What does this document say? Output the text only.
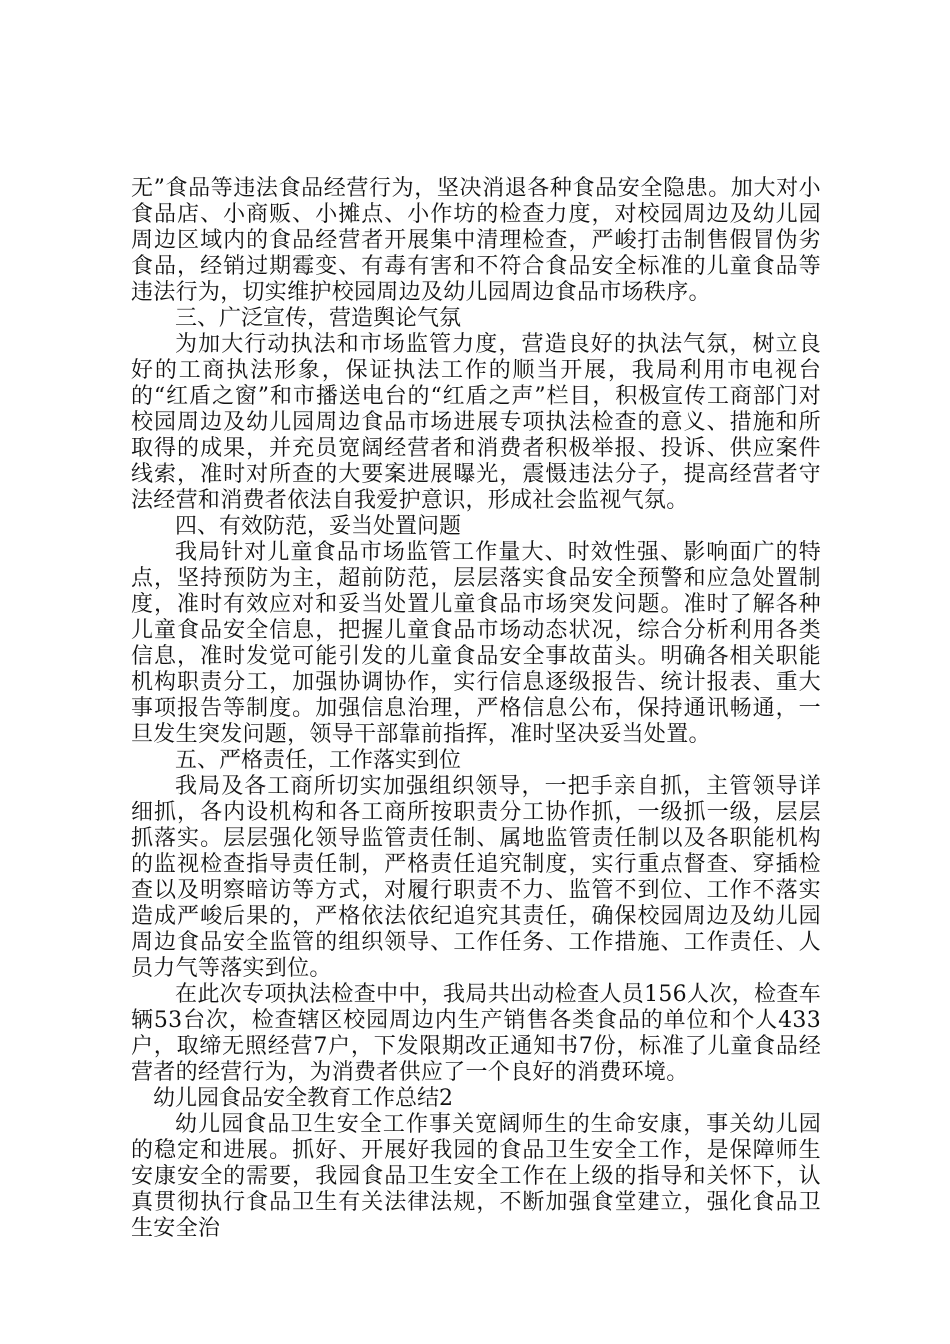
无”食品等违法食品经营行为，坚决消退各种食品安全隐患。加大对小食品店、小商贩、小摊点、小作坊的检查力度，对校园周边及幼儿园周边区域内的食品经营者开展集中清理检查，严峻打击制售假冒伪劣食品，经销过期霉变、有毒有害和不符合食品安全标准的儿童食品等违法行为，切实维护校园周边及幼儿园周边食品市场秩序。

三、广泛宣传，营造舆论气氛

为加大行动执法和市场监管力度，营造良好的执法气氛，树立良好的工商执法形象，保证执法工作的顺当开展，我局利用市电视台的“红盾之窗”和市播送电台的“红盾之声”栏目，积极宣传工商部门对校园周边及幼儿园周边食品市场进展专项执法检查的意义、措施和所取得的成果，并充员宽阔经营者和消费者积极举报、投诉、供应案件线索，准时对所查的大要案进展曝光，震慑违法分子，提高经营者守法经营和消费者依法自我爱护意识，形成社会监视气氛。

四、有效防范，妥当处置问题

我局针对儿童食品市场监管工作量大、时效性强、影响面广的特点，坚持预防为主，超前防范，层层落实食品安全预警和应急处置制度，准时有效应对和妥当处置儿童食品市场突发问题。准时了解各种儿童食品安全信息，把握儿童食品市场动态状况，综合分析利用各类信息，准时发觉可能引发的儿童食品安全事故苗头。明确各相关职能机构职责分工，加强协调协作，实行信息逐级报告、统计报表、重大事项报告等制度。加强信息治理，严格信息公布，保持通讯畅通，一旦发生突发问题，领导干部靠前指挥，准时坚决妥当处置。

五、严格责任，工作落实到位

我局及各工商所切实加强组织领导，一把手亲自抓，主管领导详细抓，各内设机构和各工商所按职责分工协作抓，一级抓一级，层层抓落实。层层强化领导监管责任制、属地监管责任制以及各职能机构的监视检查指导责任制，严格责任追究制度，实行重点督查、穿插检查以及明察暗访等方式，对履行职责不力、监管不到位、工作不落实造成严峻后果的，严格依法依纪追究其责任，确保校园周边及幼儿园周边食品安全监管的组织领导、工作任务、工作措施、工作责任、人员力气等落实到位。

在此次专项执法检查中中，我局共出动检查人员156人次，检查车辆53台次，检查辖区校园周边内生产销售各类食品的单位和个人433户，取缔无照经营7户，下发限期改正通知书7份，标准了儿童食品经营者的经营行为，为消费者供应了一个良好的消费环境。

幼儿园食品安全教育工作总结2

幼儿园食品卫生安全工作事关宽阔师生的生命安康，事关幼儿园的稳定和进展。抓好、开展好我园的食品卫生安全工作，是保障师生安康安全的需要，我园食品卫生安全工作在上级的指导和关怀下，认真贯彻执行食品卫生有关法律法规，不断加强食堂建立，强化食品卫生安全治
